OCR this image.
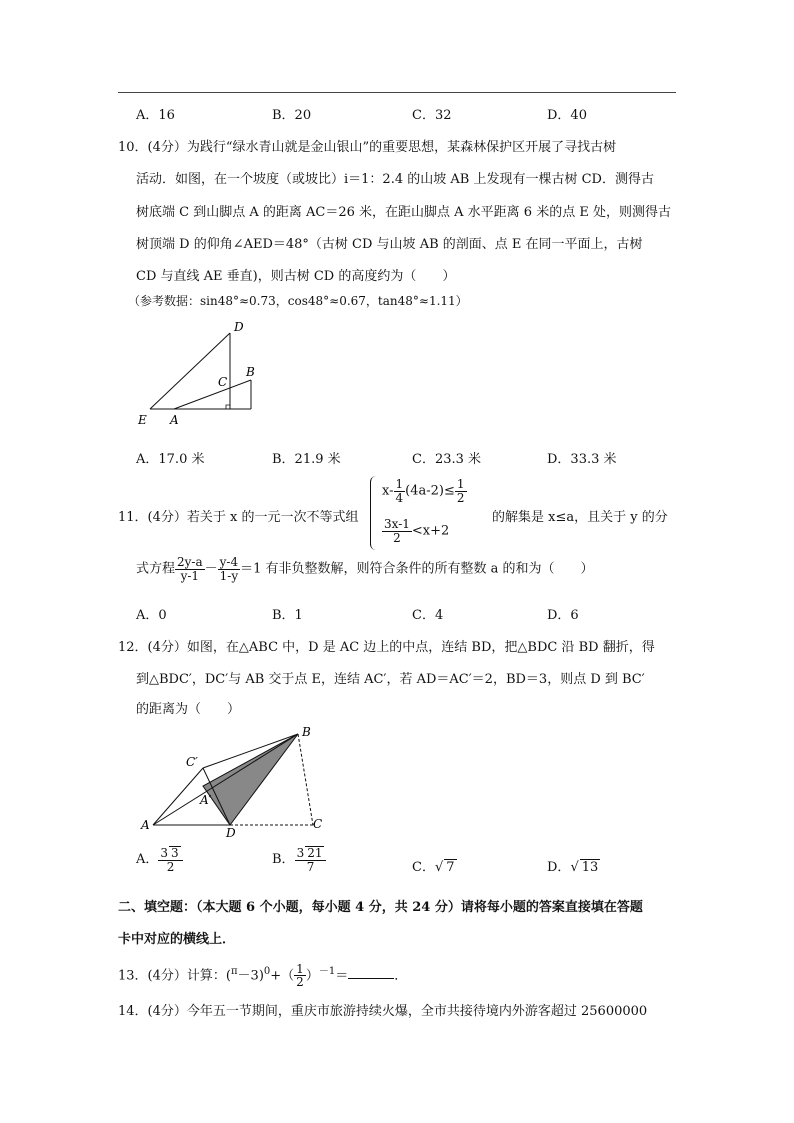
A．16	B．20	C．32	D．40
10．(4分）为践行“绿水青山就是金山银山”的重要思想，某森林保护区开展了寻找古树
活动．如图，在一个坡度（或坡比）i＝1：2.4 的山坡 AB 上发现有一棵古树 CD．测得古
树底端 C 到山脚点 A 的距离 AC＝26 米，在距山脚点 A 水平距离 6 米的点 E 处，则测得古
树顶端 D 的仰角∠AED＝48°（古树 CD 与山坡 AB 的剖面、点 E 在同一平面上，古树
CD 与直线 AE 垂直)，则古树 CD 的高度约为（　　）
（参考数据：sin48°≈0.73，cos48°≈0.67，tan48°≈1.11）
D
C
B
E A
A．17.0 米	B．21.9 米	C．23.3 米	D．33.3 米
11．(4分）若关于 x 的一元一次不等式组
$x- \frac{1}{4} (4a-2)\le \frac{1}{2}$
$\frac{3x-1}{2} <x+2$
的解集是 x≤a，且关于 y 的分
式方程 $\frac{2y-a}{y-1} - \frac{y-4}{1-y} =1$ 有非负整数解，则符合条件的所有整数 a 的和为（　　）
A．0	B．1	C．4	D．6
12．(4分）如图，在△ABC 中，D 是 AC 边上的中点，连结 BD，把△BDC 沿 BD 翻折，得
到△BDC′，DC′与 AB 交于点 E，连结 AC′，若 AD＝AC′＝2，BD＝3，则点 D 到 BC′
的距离为（　　）
B
C′
A′
A
D
C
A． $\frac{3 3}{2}$	B． $\frac{3 21}{7}$	C．√ 7	D．√ 13
二、填空题：（本大题 6 个小题，每小题 4 分，共 24 分）请将每小题的答案直接填在答题
卡中对应的横线上．
13．(4分）计算：$(^\pi-3)^0+( \frac{1}{2} )^{-1}=$	．
14．(4分）今年五一节期间，重庆市旅游持续火爆，全市共接待境内外游客超过 25600000
